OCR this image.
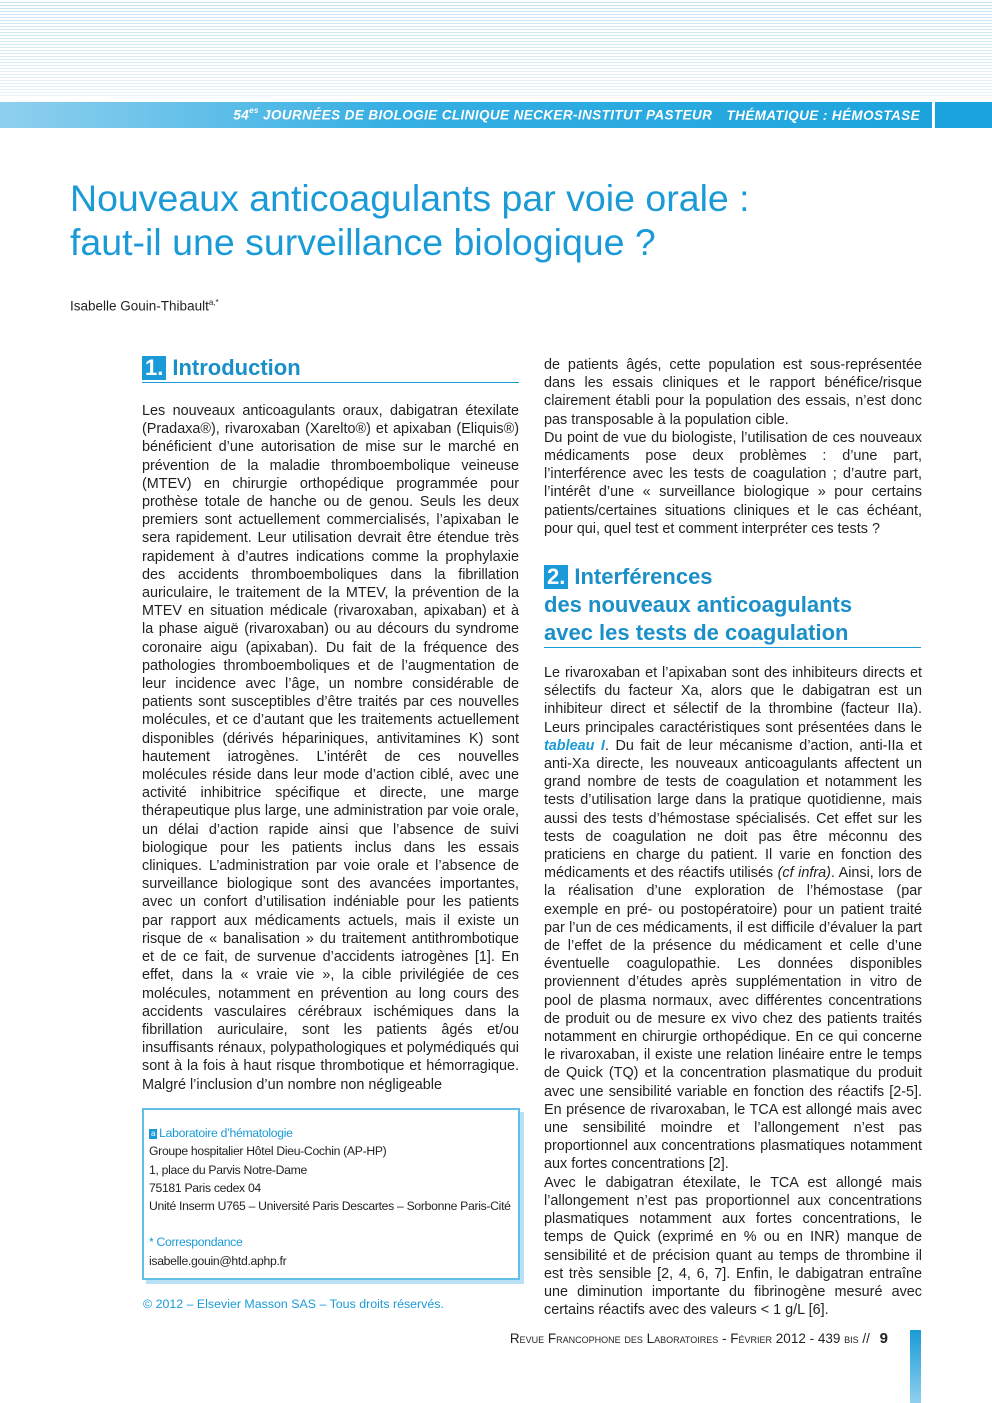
$54^{es}$ JOURNÉES DE BIOLOGIE CLINIQUE NECKER-INSTITUT PASTEUR THÉMATIQUE : HÉMOSTASE
Nouveaux anticoagulants par voie orale :
faut-il une surveillance biologique ?
Isabelle Gouin-Thibault$^{a,*}$
1. Introduction

Les nouveaux anticoagulants oraux, dabigatran étexilate (Pradaxa®), rivaroxaban (Xarelto®) et apixaban (Eliquis®) bénéficient d’une autorisation de mise sur le marché en prévention de la maladie thromboembolique veineuse (MTEV) en chirurgie orthopédique programmée pour prothèse totale de hanche ou de genou. Seuls les deux premiers sont actuellement commercialisés, l’apixaban le sera rapidement. Leur utilisation devrait être étendue très rapidement à d’autres indications comme la prophylaxie des accidents thromboemboliques dans la fibrillation auriculaire, le traitement de la MTEV, la prévention de la MTEV en situation médicale (rivaroxaban, apixaban) et à la phase aiguë (rivaroxaban) ou au décours du syndrome coronaire aigu (apixaban). Du fait de la fréquence des pathologies thromboemboliques et de l’augmentation de leur incidence avec l’âge, un nombre considérable de patients sont susceptibles d’être traités par ces nouvelles molécules, et ce d’autant que les traitements actuellement disponibles (dérivés hépariniques, antivitamines K) sont hautement iatrogènes. L’intérêt de ces nouvelles molécules réside dans leur mode d’action ciblé, avec une activité inhibitrice spécifique et directe, une marge thérapeutique plus large, une administration par voie orale, un délai d’action rapide ainsi que l’absence de suivi biologique pour les patients inclus dans les essais cliniques. L’administration par voie orale et l’absence de surveillance biologique sont des avancées importantes, avec un confort d’utilisation indéniable pour les patients par rapport aux médicaments actuels, mais il existe un risque de « banalisation » du traitement antithrombotique et de ce fait, de survenue d’accidents iatrogènes [1]. En effet, dans la « vraie vie », la cible privilégiée de ces molécules, notamment en prévention au long cours des accidents vasculaires cérébraux ischémiques dans la fibrillation auriculaire, sont les patients âgés et/ou insuffisants rénaux, polypathologiques et polymédiqués qui sont à la fois à haut risque thrombotique et hémorragique. Malgré l’inclusion d’un nombre non négligeable

a Laboratoire d’hématologie
Groupe hospitalier Hôtel Dieu-Cochin (AP-HP)
1, place du Parvis Notre-Dame
75181 Paris cedex 04
Unité Inserm U765 – Université Paris Descartes – Sorbonne Paris-Cité
* Correspondance
isabelle.gouin@htd.aphp.fr
© 2012 – Elsevier Masson SAS – Tous droits réservés.

de patients âgés, cette population est sous-représentée dans les essais cliniques et le rapport bénéfice/risque clairement établi pour la population des essais, n’est donc pas transposable à la population cible.

Du point de vue du biologiste, l’utilisation de ces nouveaux médicaments pose deux problèmes : d’une part, l’interférence avec les tests de coagulation ; d’autre part, l’intérêt d’une « surveillance biologique » pour certains patients/certaines situations cliniques et le cas échéant, pour qui, quel test et comment interpréter ces tests ?

2. Interférences
des nouveaux anticoagulants
avec les tests de coagulation

Le rivaroxaban et l’apixaban sont des inhibiteurs directs et sélectifs du facteur Xa, alors que le dabigatran est un inhibiteur direct et sélectif de la thrombine (facteur IIa). Leurs principales caractéristiques sont présentées dans le tableau I. Du fait de leur mécanisme d’action, anti-IIa et anti-Xa directe, les nouveaux anticoagulants affectent un grand nombre de tests de coagulation et notamment les tests d’utilisation large dans la pratique quotidienne, mais aussi des tests d’hémostase spécialisés. Cet effet sur les tests de coagulation ne doit pas être méconnu des praticiens en charge du patient. Il varie en fonction des médicaments et des réactifs utilisés (cf infra). Ainsi, lors de la réalisation d’une exploration de l’hémostase (par exemple en pré- ou postopératoire) pour un patient traité par l’un de ces médicaments, il est difficile d’évaluer la part de l’effet de la présence du médicament et celle d’une éventuelle coagulopathie. Les données disponibles proviennent d’études après supplémentation in vitro de pool de plasma normaux, avec différentes concentrations de produit ou de mesure ex vivo chez des patients traités notamment en chirurgie orthopédique. En ce qui concerne le rivaroxaban, il existe une relation linéaire entre le temps de Quick (TQ) et la concentration plasmatique du produit avec une sensibilité variable en fonction des réactifs [2-5]. En présence de rivaroxaban, le TCA est allongé mais avec une sensibilité moindre et l’allongement n’est pas proportionnel aux concentrations plasmatiques notamment aux fortes concentrations [2].

Avec le dabigatran étexilate, le TCA est allongé mais l’allongement n’est pas proportionnel aux concentrations plasmatiques notamment aux fortes concentrations, le temps de Quick (exprimé en % ou en INR) manque de sensibilité et de précision quant au temps de thrombine il est très sensible [2, 4, 6, 7]. Enfin, le dabigatran entraîne une diminution importante du fibrinogène mesuré avec certains réactifs avec des valeurs < 1 g/L [6].

Revue Francophone des Laboratoires - Février 2012 - 439 bis // 9
